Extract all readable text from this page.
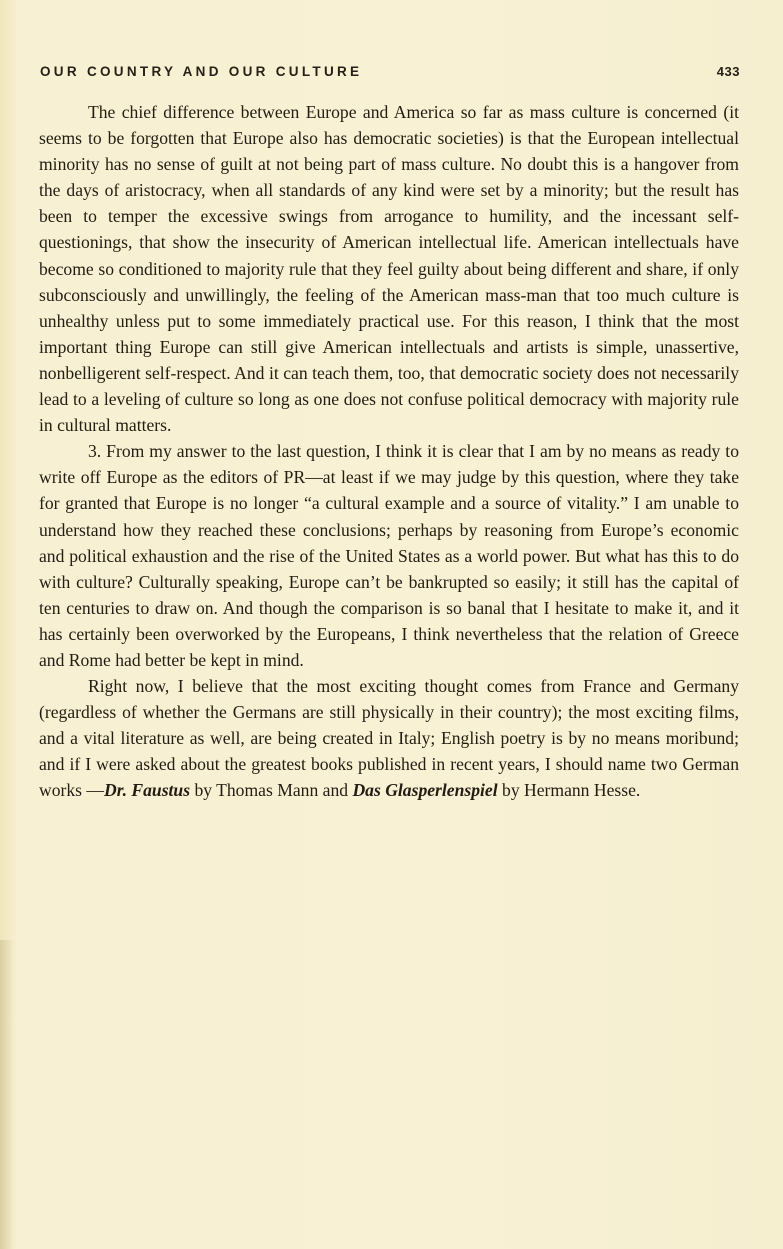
OUR COUNTRY AND OUR CULTURE	433

The chief difference between Europe and America so far as mass culture is concerned (it seems to be forgotten that Europe also has democratic societies) is that the European intellectual minority has no sense of guilt at not being part of mass culture. No doubt this is a hangover from the days of aristocracy, when all standards of any kind were set by a minority; but the result has been to temper the excessive swings from arrogance to humility, and the incessant self-questionings, that show the insecurity of American intellectual life. American intellectuals have become so conditioned to majority rule that they feel guilty about being different and share, if only subconsciously and unwillingly, the feeling of the American mass-man that too much culture is unhealthy unless put to some immediately practical use. For this reason, I think that the most important thing Europe can still give American intellectuals and artists is simple, unassertive, nonbelligerent self-respect. And it can teach them, too, that democratic society does not necessarily lead to a leveling of culture so long as one does not confuse political democracy with majority rule in cultural matters.

3. From my answer to the last question, I think it is clear that I am by no means as ready to write off Europe as the editors of PR—at least if we may judge by this question, where they take for granted that Europe is no longer “a cultural example and a source of vitality.” I am unable to understand how they reached these conclusions; perhaps by reasoning from Europe’s economic and political exhaustion and the rise of the United States as a world power. But what has this to do with culture? Culturally speaking, Europe can’t be bankrupted so easily; it still has the capital of ten centuries to draw on. And though the comparison is so banal that I hesitate to make it, and it has certainly been overworked by the Europeans, I think nevertheless that the relation of Greece and Rome had better be kept in mind.

Right now, I believe that the most exciting thought comes from France and Germany (regardless of whether the Germans are still physically in their country); the most exciting films, and a vital literature as well, are being created in Italy; English poetry is by no means moribund; and if I were asked about the greatest books published in recent years, I should name two German works —Dr. Faustus by Thomas Mann and Das Glasperlenspiel by Hermann Hesse.
